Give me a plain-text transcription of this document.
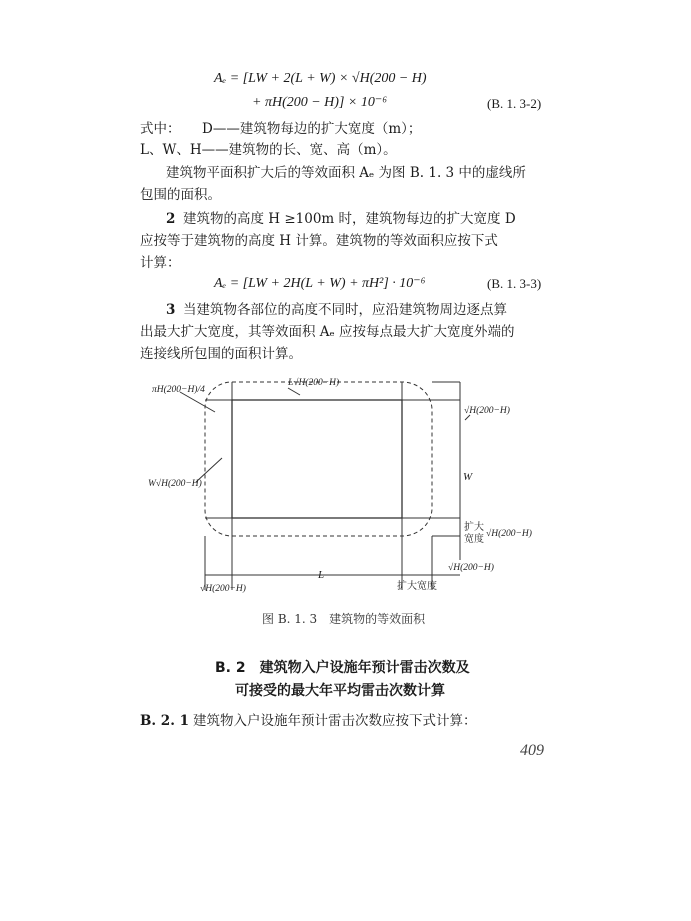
Aₑ = [LW + 2(L + W) × √H(200 − H)
+ πH(200 − H)] × 10⁻⁶	(B. 1. 3-2)
式中： D——建筑物每边的扩大宽度（m）；
L、W、H——建筑物的长、宽、高（m）。
建筑物平面积扩大后的等效面积 Aₑ 为图 B. 1. 3 中的虚线所
包围的面积。
2 建筑物的高度 H ≥100m 时，建筑物每边的扩大宽度 D
应按等于建筑物的高度 H 计算。建筑物的等效面积应按下式
计算：
Aₑ = [LW + 2H(L + W) + πH²] · 10⁻⁶	(B. 1. 3-3)
3 当建筑物各部位的高度不同时，应沿建筑物周边逐点算
出最大扩大宽度，其等效面积 Aₑ 应按每点最大扩大宽度外端的
连接线所包围的面积计算。
πH(200−H)/4
L√H(200−H)
W√H(200−H)
√H(200−H)
W
√H(200−H)
√H(200−H)
√H(200−H)
L
扩大
宽度
扩大宽度
图 B. 1. 3　建筑物的等效面积
B. 2　建筑物入户设施年预计雷击次数及
可接受的最大年平均雷击次数计算
B. 2. 1 建筑物入户设施年预计雷击次数应按下式计算：
409
